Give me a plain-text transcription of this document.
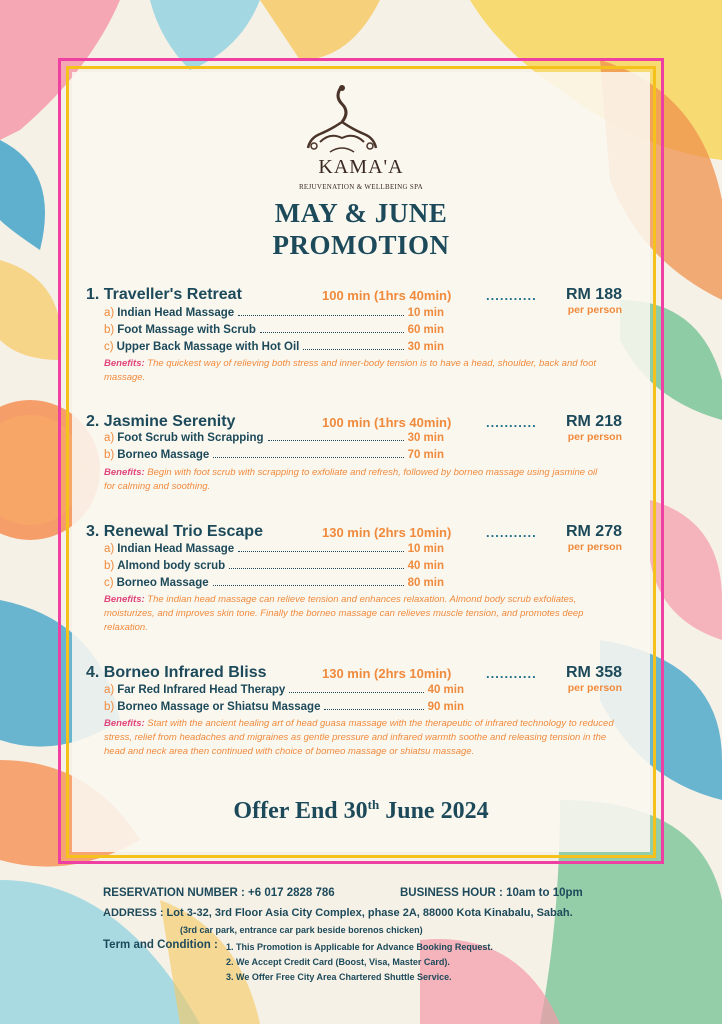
KAMA'A
REJUVENATION & WELLBEING SPA
MAY & JUNE
PROMOTION
1. Traveller's Retreat	100 min (1hrs 40min)	........... RM 188
per person
a) Indian Head Massage	10 min
b) Foot Massage with Scrub	60 min
c) Upper Back Massage with Hot Oil	30 min
Benefits: The quickest way of relieving both stress and inner-body tension is to have a head, shoulder, back and foot massage.
2. Jasmine Serenity	100 min (1hrs 40min)	........... RM 218
per person
a) Foot Scrub with Scrapping	30 min
b) Borneo Massage	70 min
Benefits: Begin with foot scrub with scrapping to exfoliate and refresh, followed by borneo massage using jasmine oil for calming and soothing.
3. Renewal Trio Escape	130 min (2hrs 10min)	........... RM 278
per person
a) Indian Head Massage	10 min
b) Almond body scrub	40 min
c) Borneo Massage	80 min
Benefits: The indian head massage can relieve tension and enhances relaxation. Almond body scrub exfoliates, moisturizes, and improves skin tone. Finally the borneo massage can relieves muscle tension, and promotes deep relaxation.
4. Borneo Infrared Bliss	130 min (2hrs 10min)	........... RM 358
per person
a) Far Red Infrared Head Therapy	40 min
b) Borneo Massage or Shiatsu Massage	90 min
Benefits: Start with the ancient healing art of head guasa massage with the therapeutic of infrared technology to reduced stress, relief from headaches and migraines as gentle pressure and infrared warmth soothe and releasing tension in the head and neck area then continued with choice of borneo massage or shiatsu massage.
Offer End 30th June 2024
RESERVATION NUMBER : +6 017 2828 786	BUSINESS HOUR : 10am to 10pm
ADDRESS : Lot 3-32, 3rd Floor Asia City Complex, phase 2A, 88000 Kota Kinabalu, Sabah.
(3rd car park, entrance car park beside borenos chicken)
Term and Condition : 1. This Promotion is Applicable for Advance Booking Request.
2. We Accept Credit Card (Boost, Visa, Master Card).
3. We Offer Free City Area Chartered Shuttle Service.
